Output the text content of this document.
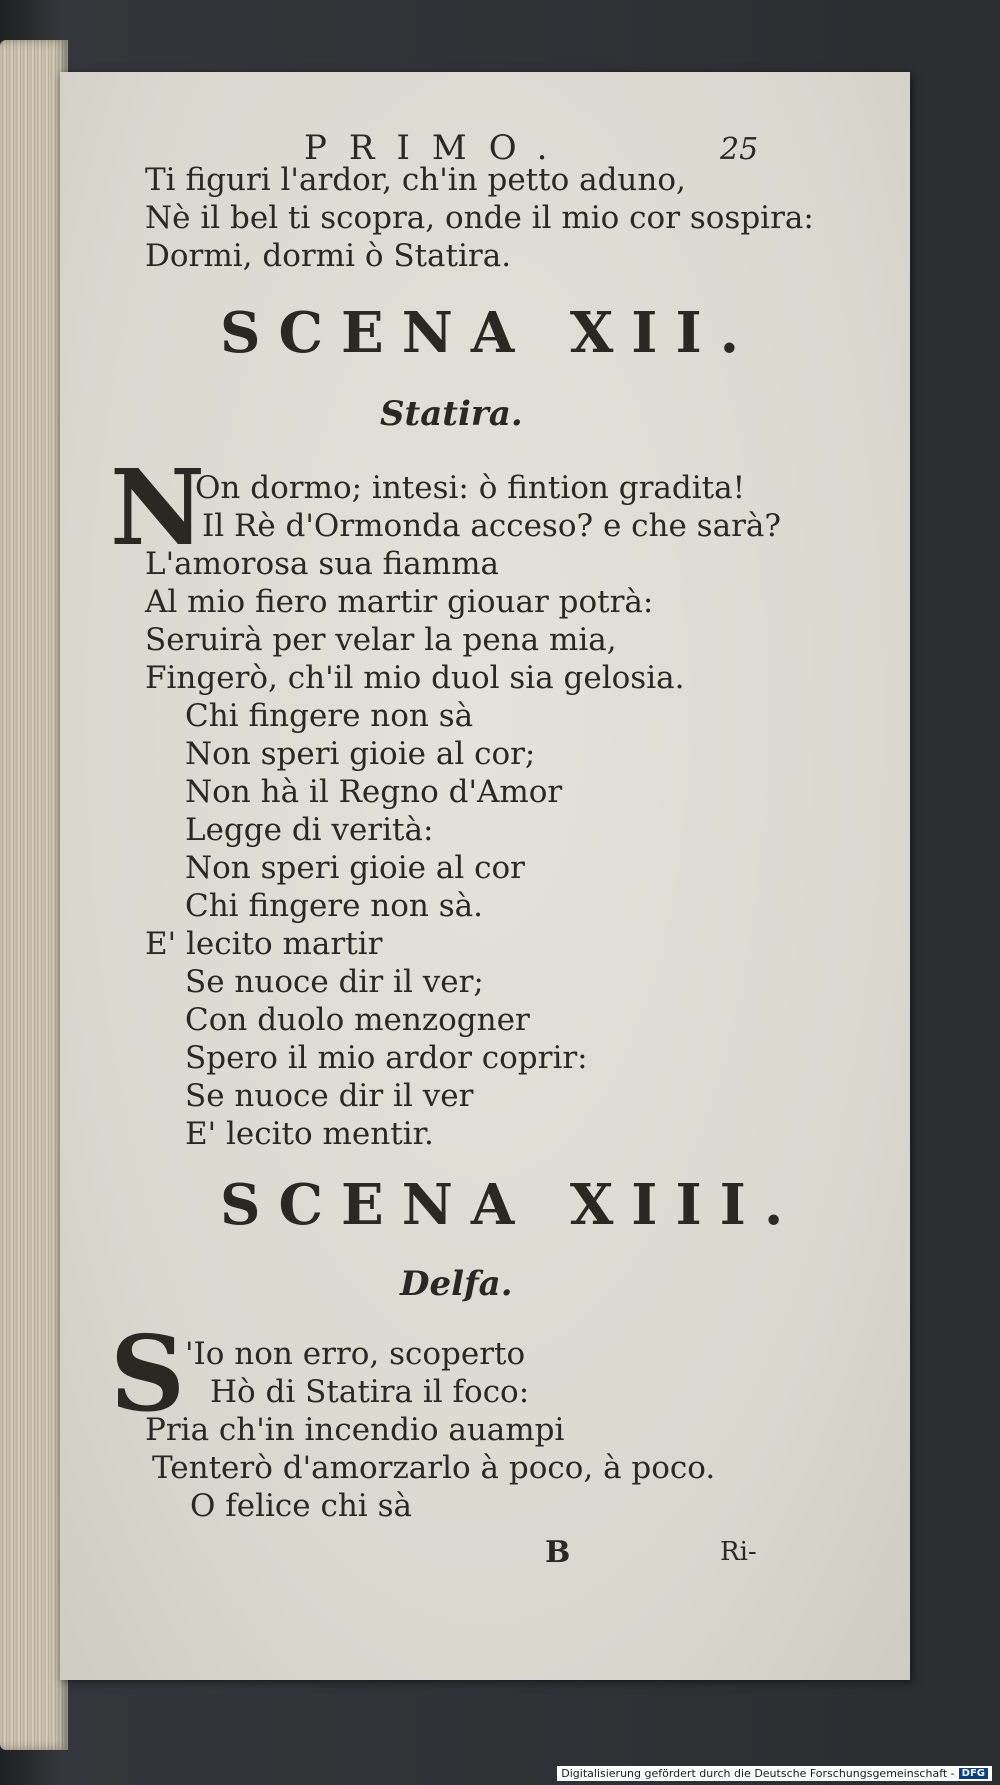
PRIMO.	25
Ti figuri l'ardor, ch'in petto aduno,
Nè il bel ti scopra, onde il mio cor sospira:
Dormi, dormi ò Statira.
SCENA XII.
Statira.
N
On dormo; intesi: ò fintion gradita!
Il Rè d'Ormonda acceso? e che sarà?
L'amorosa sua fiamma
Al mio fiero martir giouar potrà:
Seruirà per velar la pena mia,
Fingerò, ch'il mio duol sia gelosia.
Chi fingere non sà
Non speri gioie al cor;
Non hà il Regno d'Amor
Legge di verità:
Non speri gioie al cor
Chi fingere non sà.
E' lecito martir
Se nuoce dir il ver;
Con duolo menzogner
Spero il mio ardor coprir:
Se nuoce dir il ver
E' lecito mentir.
SCENA XIII.
Delfa.
S 'Io non erro, scoperto
Hò di Statira il foco:
Pria ch'in incendio auampi
Tenterò d'amorzarlo à poco, à poco.
O felice chi sà
B	Ri-
Digitalisierung gefördert durch die Deutsche Forschungsgemeinschaft - DFG
